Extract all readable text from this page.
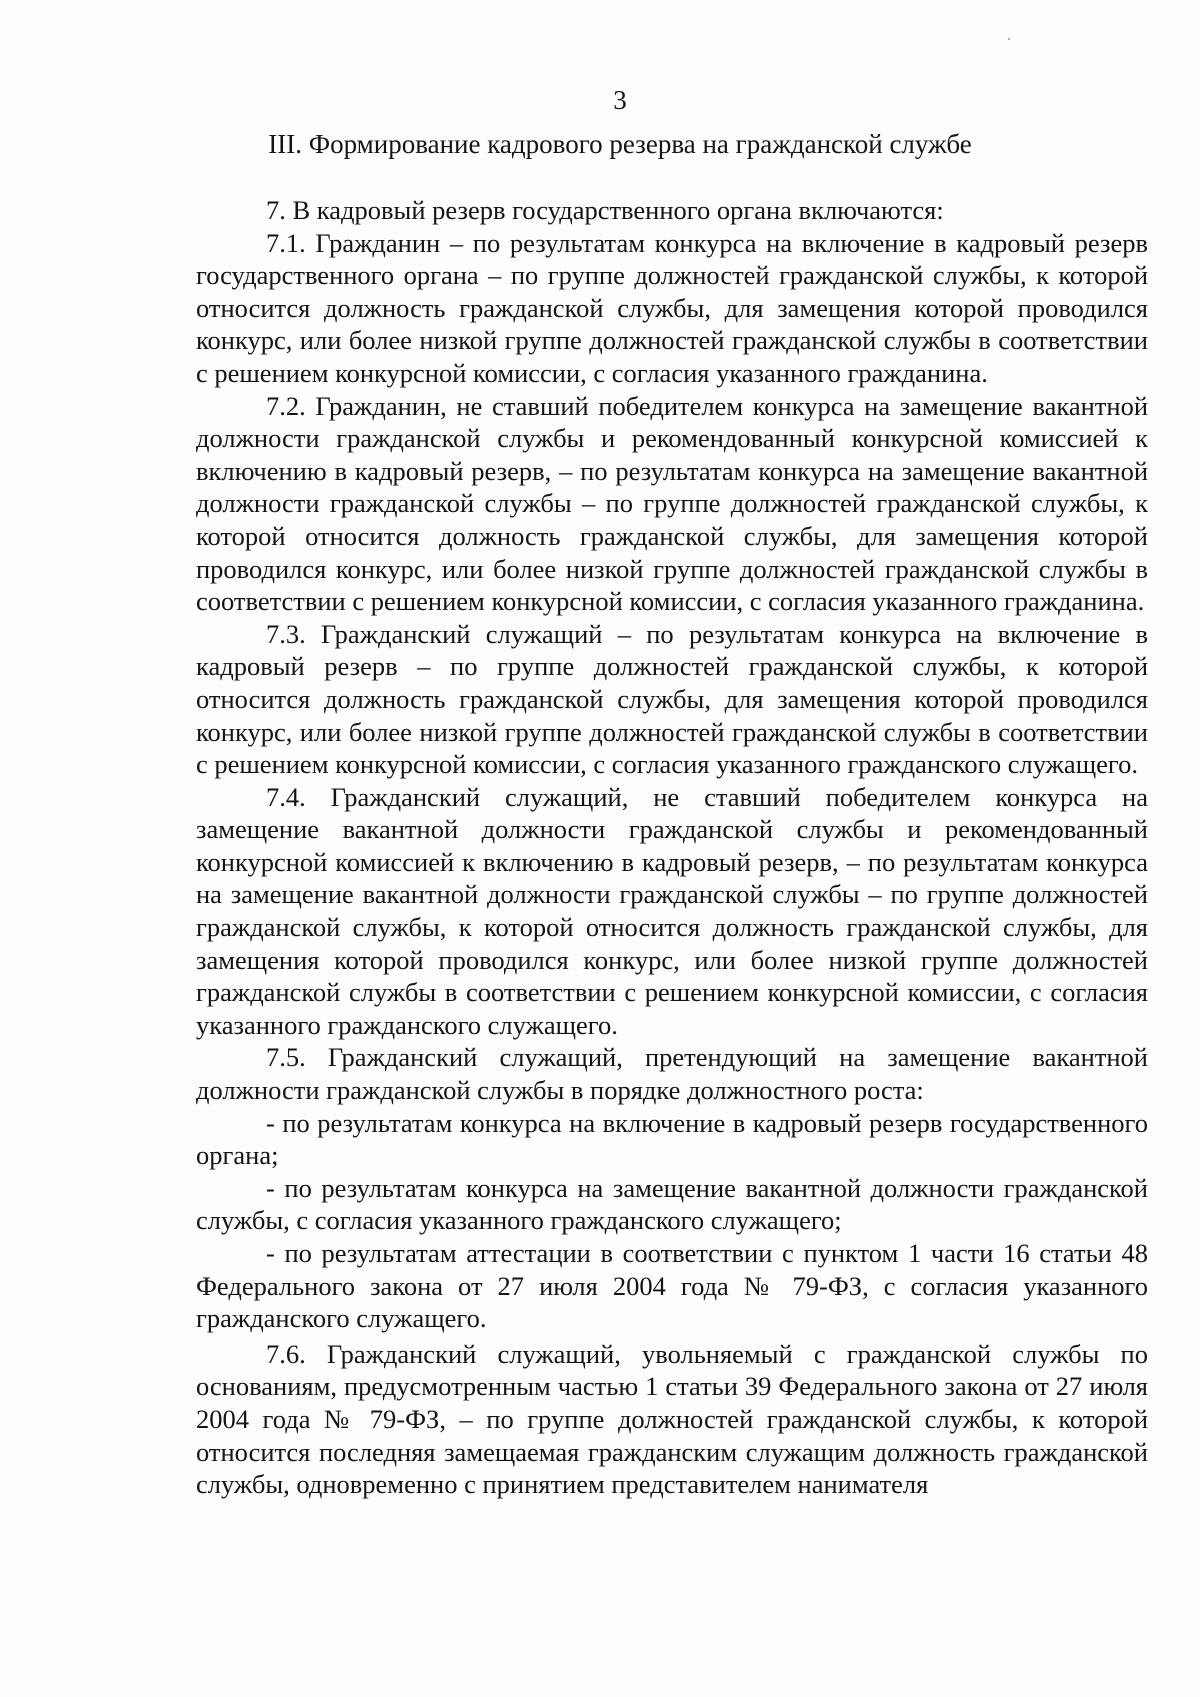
3
III. Формирование кадрового резерва на гражданской службе

7. В кадровый резерв государственного органа включаются:

7.1. Гражданин – по результатам конкурса на включение в кадровый резерв государственного органа – по группе должностей гражданской службы, к которой относится должность гражданской службы, для замещения которой проводился конкурс, или более низкой группе должностей гражданской службы в соответствии с решением конкурсной комиссии, с согласия указанного гражданина.

7.2. Гражданин, не ставший победителем конкурса на замещение вакантной должности гражданской службы и рекомендованный конкурсной комиссией к включению в кадровый резерв, – по результатам конкурса на замещение вакантной должности гражданской службы – по группе должностей гражданской службы, к которой относится должность гражданской службы, для замещения которой проводился конкурс, или более низкой группе должностей гражданской службы в соответствии с решением конкурсной комиссии, с согласия указанного гражданина.

7.3. Гражданский служащий – по результатам конкурса на включение в кадровый резерв – по группе должностей гражданской службы, к которой относится должность гражданской службы, для замещения которой проводился конкурс, или более низкой группе должностей гражданской службы в соответствии с решением конкурсной комиссии, с согласия указанного гражданского служащего.

7.4. Гражданский служащий, не ставший победителем конкурса на замещение вакантной должности гражданской службы и рекомендованный конкурсной комиссией к включению в кадровый резерв, – по результатам конкурса на замещение вакантной должности гражданской службы – по группе должностей гражданской службы, к которой относится должность гражданской службы, для замещения которой проводился конкурс, или более низкой группе должностей гражданской службы в соответствии с решением конкурсной комиссии, с согласия указанного гражданского служащего.

7.5. Гражданский служащий, претендующий на замещение вакантной должности гражданской службы в порядке должностного роста:

- по результатам конкурса на включение в кадровый резерв государственного органа;

- по результатам конкурса на замещение вакантной должности гражданской службы, с согласия указанного гражданского служащего;

- по результатам аттестации в соответствии с пунктом 1 части 16 статьи 48 Федерального закона от 27 июля 2004 года № 79-ФЗ, с согласия указанного гражданского служащего.

7.6. Гражданский служащий, увольняемый с гражданской службы по основаниям, предусмотренным частью 1 статьи 39 Федерального закона от 27 июля 2004 года № 79-ФЗ, – по группе должностей гражданской службы, к которой относится последняя замещаемая гражданским служащим должность гражданской службы, одновременно с принятием представителем нанимателя
